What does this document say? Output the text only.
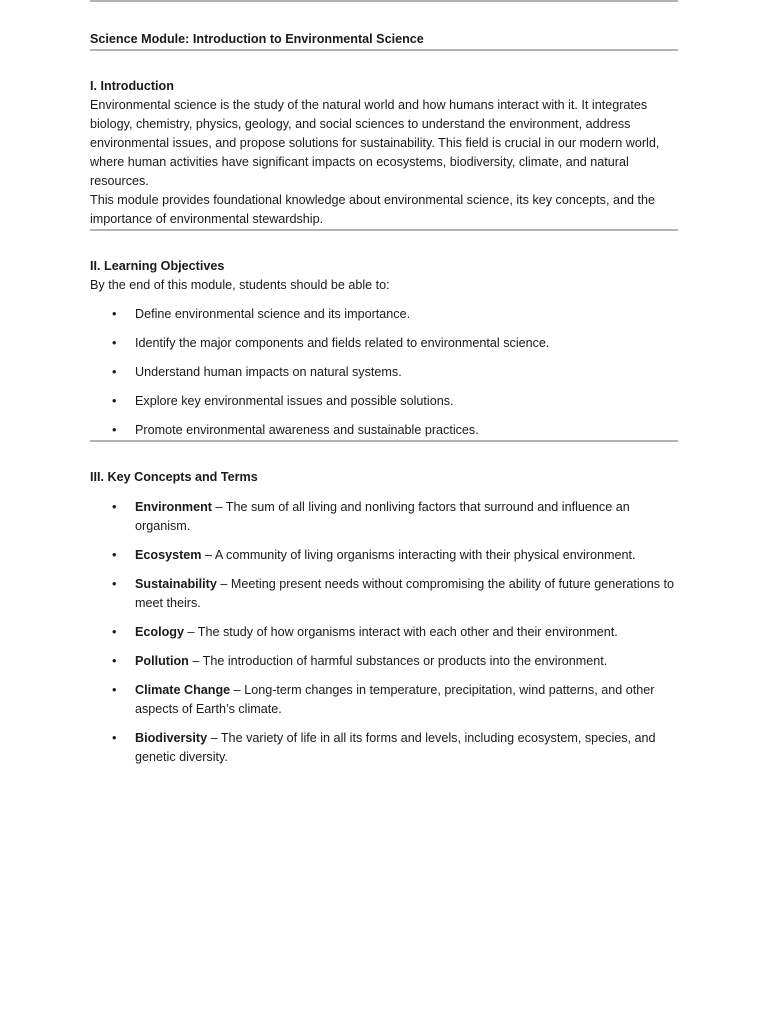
Science Module: Introduction to Environmental Science
I. Introduction

Environmental science is the study of the natural world and how humans interact with it. It integrates biology, chemistry, physics, geology, and social sciences to understand the environment, address environmental issues, and propose solutions for sustainability. This field is crucial in our modern world, where human activities have significant impacts on ecosystems, biodiversity, climate, and natural resources.

This module provides foundational knowledge about environmental science, its key concepts, and the importance of environmental stewardship.

II. Learning Objectives

By the end of this module, students should be able to:

• Define environmental science and its importance.
• Identify the major components and fields related to environmental science.
• Understand human impacts on natural systems.
• Explore key environmental issues and possible solutions.
• Promote environmental awareness and sustainable practices.
III. Key Concepts and Terms
• Environment – The sum of all living and nonliving factors that surround and influence an organism.
• Ecosystem – A community of living organisms interacting with their physical environment.
• Sustainability – Meeting present needs without compromising the ability of future generations to meet theirs.
• Ecology – The study of how organisms interact with each other and their environment.
• Pollution – The introduction of harmful substances or products into the environment.
• Climate Change – Long-term changes in temperature, precipitation, wind patterns, and other aspects of Earth’s climate.
• Biodiversity – The variety of life in all its forms and levels, including ecosystem, species, and genetic diversity.
